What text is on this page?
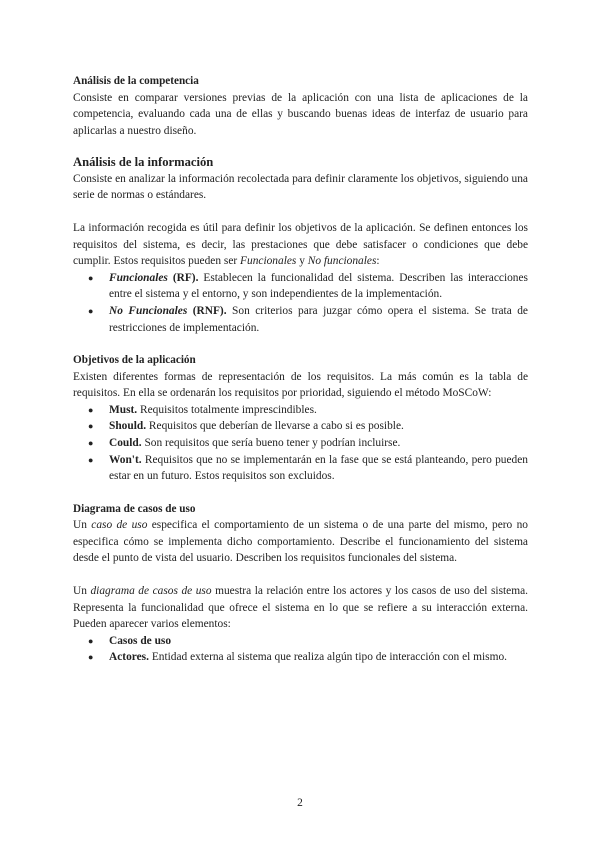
Análisis de la competencia

Consiste en comparar versiones previas de la aplicación con una lista de aplicaciones de la competencia, evaluando cada una de ellas y buscando buenas ideas de interfaz de usuario para aplicarlas a nuestro diseño.

Análisis de la información

Consiste en analizar la información recolectada para definir claramente los objetivos, siguiendo una serie de normas o estándares.

La información recogida es útil para definir los objetivos de la aplicación. Se definen entonces los requisitos del sistema, es decir, las prestaciones que debe satisfacer o condiciones que debe cumplir. Estos requisitos pueden ser Funcionales y No funcionales:

● Funcionales (RF). Establecen la funcionalidad del sistema. Describen las interacciones entre el sistema y el entorno, y son independientes de la implementación.
● No Funcionales (RNF). Son criterios para juzgar cómo opera el sistema. Se trata de restricciones de implementación.
Objetivos de la aplicación

Existen diferentes formas de representación de los requisitos. La más común es la tabla de requisitos. En ella se ordenarán los requisitos por prioridad, siguiendo el método MoSCoW:

● Must. Requisitos totalmente imprescindibles.
● Should. Requisitos que deberían de llevarse a cabo si es posible.
● Could. Son requisitos que sería bueno tener y podrían incluirse.
● Won't. Requisitos que no se implementarán en la fase que se está planteando, pero pueden estar en un futuro. Estos requisitos son excluidos.
Diagrama de casos de uso

Un caso de uso especifica el comportamiento de un sistema o de una parte del mismo, pero no especifica cómo se implementa dicho comportamiento. Describe el funcionamiento del sistema desde el punto de vista del usuario. Describen los requisitos funcionales del sistema.

Un diagrama de casos de uso muestra la relación entre los actores y los casos de uso del sistema. Representa la funcionalidad que ofrece el sistema en lo que se refiere a su interacción externa. Pueden aparecer varios elementos:

● Casos de uso
● Actores. Entidad externa al sistema que realiza algún tipo de interacción con el mismo.
2
